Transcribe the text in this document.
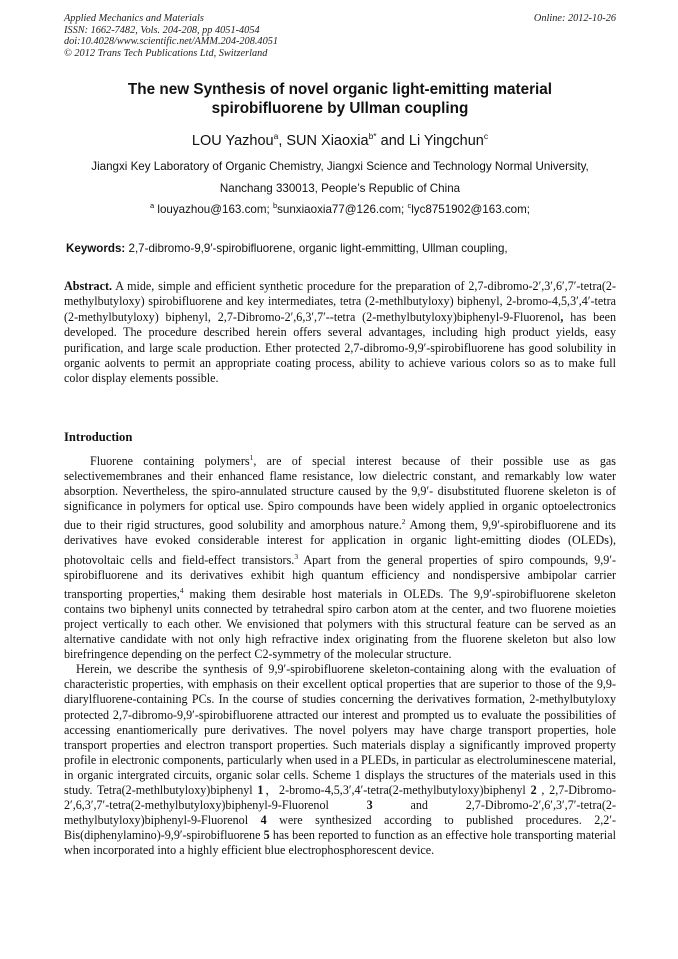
Applied Mechanics and Materials
ISSN: 1662-7482, Vols. 204-208, pp 4051-4054
doi:10.4028/www.scientific.net/AMM.204-208.4051
© 2012 Trans Tech Publications Ltd, Switzerland
Online: 2012-10-26
The new Synthesis of novel organic light-emitting material
spirobifluorene by Ullman coupling
LOU Yazhou$^a$, SUN Xiaoxia$^{b*}$ and Li Yingchun$^c$
Jiangxi Key Laboratory of Organic Chemistry, Jiangxi Science and Technology Normal University,
Nanchang 330013, People’s Republic of China
$^a$ louyazhou@163.com; $^b$sunxiaoxia77@126.com; $^c$lyc8751902@163.com;
Keywords: 2,7-dibromo-9,9′-spirobifluorene, organic light-emmitting, Ullman coupling,
Abstract. A mide, simple and efficient synthetic procedure for the preparation of 2,7-dibromo-2′,3′,6′,7′-tetra(2-methylbutyloxy) spirobifluorene and key intermediates, tetra (2-methlbutyloxy) biphenyl, 2-bromo-4,5,3′,4′-tetra (2-methylbutyloxy) biphenyl, 2,7-Dibromo-2′,6,3′,7′--tetra (2-methylbutyloxy)biphenyl-9-Fluorenol, has been developed. The procedure described herein offers several advantages, including high product yields, easy purification, and large scale production. Ether protected 2,7-dibromo-9,9′-spirobifluorene has good solubility in organic aolvents to permit an appropriate coating process, ability to achieve various colors so as to make full color display elements possible.
Introduction

Fluorene containing polymers$^1$, are of special interest because of their possible use as gas selectivemembranes and their enhanced flame resistance, low dielectric constant, and remarkably low water absorption. Nevertheless, the spiro-annulated structure caused by the 9,9′- disubstituted fluorene skeleton is of significance in polymers for optical use. Spiro compounds have been widely applied in organic optoelectronics due to their rigid structures, good solubility and amorphous nature.$^2$ Among them, 9,9′-spirobifluorene and its derivatives have evoked considerable interest for application in organic light-emitting diodes (OLEDs), photovoltaic cells and field-effect transistors.$^3$ Apart from the general properties of spiro compounds, 9,9′-spirobifluorene and its derivatives exhibit high quantum efficiency and nondispersive ambipolar carrier transporting properties,$^4$ making them desirable host materials in OLEDs. The 9,9′-spirobifluorene skeleton contains two biphenyl units connected by tetrahedral spiro carbon atom at the center, and two fluorene moieties project vertically to each other. We envisioned that polymers with this structural feature can be served as an alternative candidate with not only high refractive index originating from the fluorene skeleton but also low birefringence depending on the perfect C2-symmetry of the molecular structure.

Herein, we describe the synthesis of 9,9′-spirobifluorene skeleton-containing along with the evaluation of characteristic properties, with emphasis on their excellent optical properties that are superior to those of the 9,9-diarylfluorene-containing PCs. In the course of studies concerning the derivatives formation, 2-methylbutyloxy protected 2,7-dibromo-9,9′-spirobifluorene attracted our interest and prompted us to evaluate the possibilities of accessing enantiomerically pure derivatives. The novel polyers may have charge transport properties, hole transport properties and electron transport properties. Such materials display a significantly improved property profile in electronic components, particularly when used in a PLEDs, in particular as electroluminescene material, in organic intergrated circuits, organic solar cells. Scheme 1 displays the structures of the materials used in this study. Tetra(2-methlbutyloxy)biphenyl 1，2-bromo-4,5,3′,4′-tetra(2-methylbutyloxy)biphenyl 2 , 2,7-Dibromo-2′,6,3′,7′-tetra(2-methylbutyloxy)biphenyl-9-Fluorenol 3 and 2,7-Dibromo-2′,6′,3′,7′-tetra(2-methylbutyloxy)biphenyl-9-Fluorenol 4 were synthesized according to published procedures. 2,2′-Bis(diphenylamino)-9,9′-spirobifluorene 5 has been reported to function as an effective hole transporting material when incorporated into a highly efficient blue electrophosphorescent device.
